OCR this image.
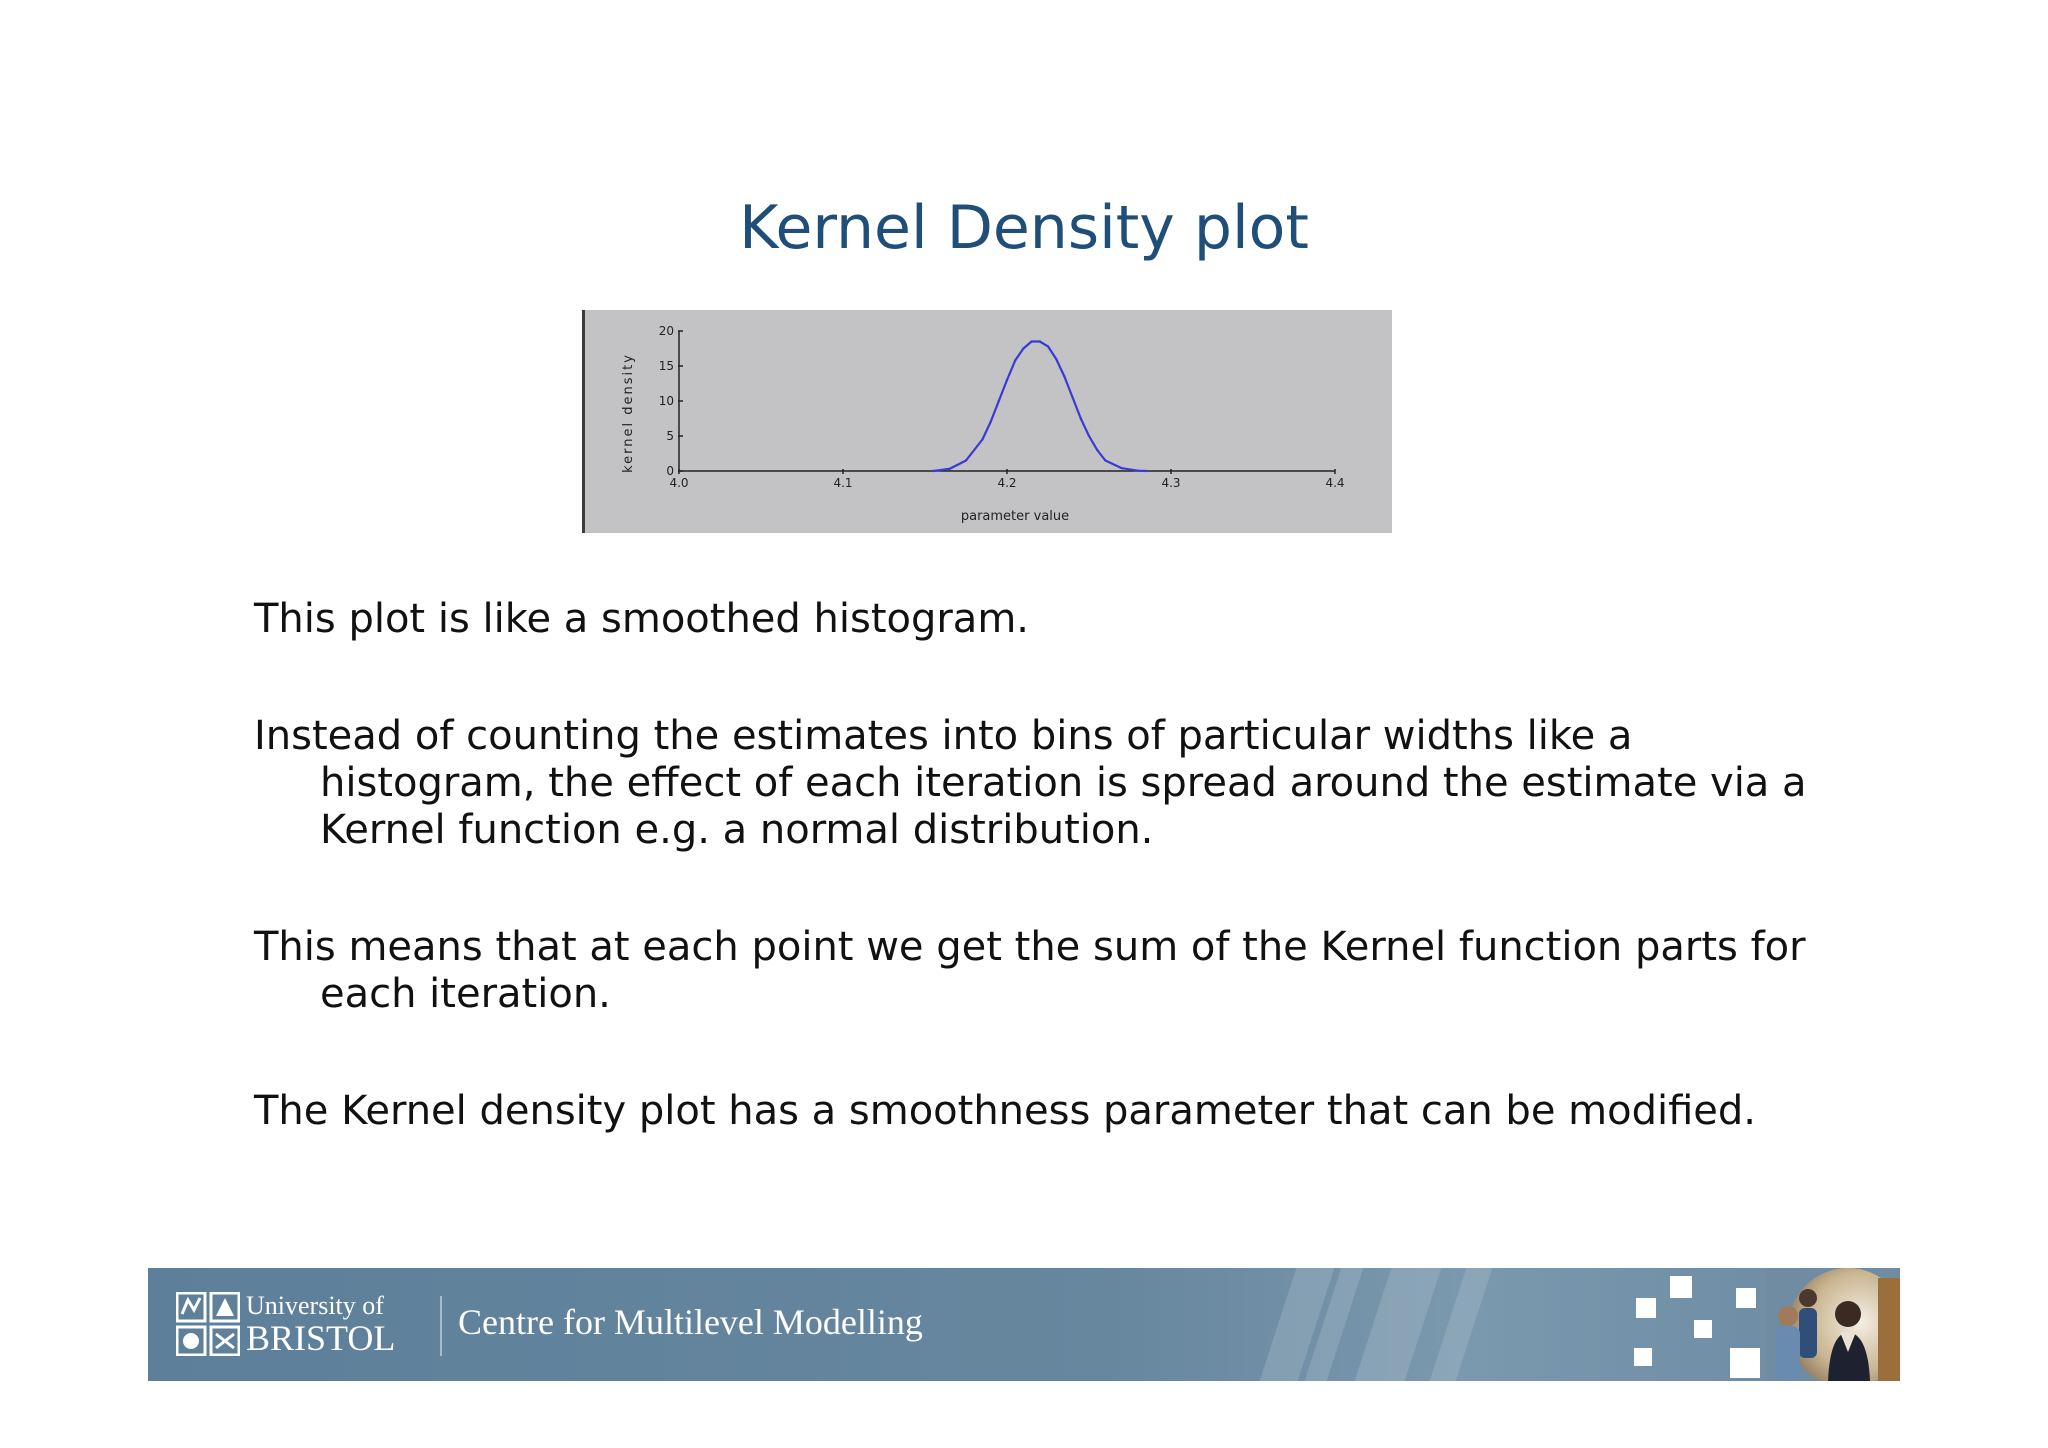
Kernel Density plot
4.0	4.1	4.2	4.3	4.4
0
5
10
15
20
parameter value
kernel density

This plot is like a smoothed histogram.

Instead of counting the estimates into bins of particular widths like a histogram, the effect of each iteration is spread around the estimate via a Kernel function e.g. a normal distribution.

This means that at each point we get the sum of the Kernel function parts for each iteration.

The Kernel density plot has a smoothness parameter that can be modified.

University of
BRISTOL Centre for Multilevel Modelling
